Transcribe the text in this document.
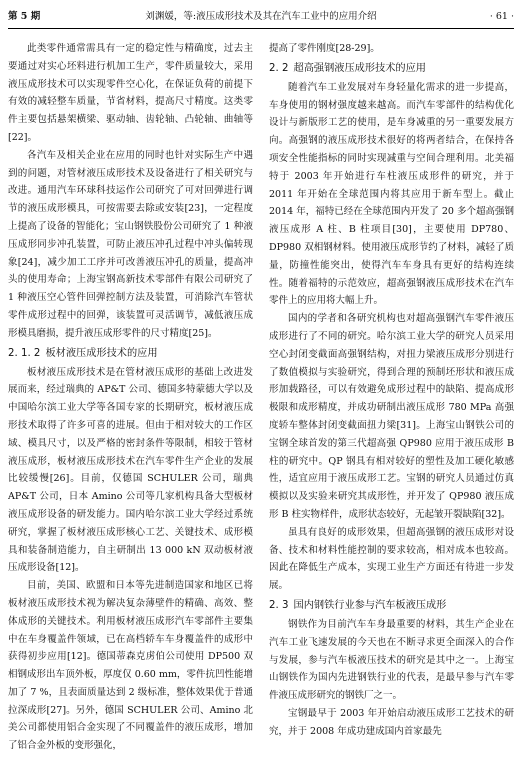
第 5 期	刘渊媛，等:液压成形技术及其在汽车工业中的应用介绍	· 61 ·

此类零件通常需具有一定的稳定性与精确度，过去主要通过对实心坯料进行机加工生产，零件质量较大，采用液压成形技术可以实现零件空心化，在保证负荷的前提下有效的减轻整车质量，节省材料，提高尺寸精度。这类零件主要包括悬架横梁、驱动轴、齿轮轴、凸轮轴、曲轴等[22]。

各汽车及相关企业在应用的同时也针对实际生产中遇到的问题，对管材液压成形技术及设备进行了相关研究与改进。通用汽车环球科技运作公司研究了可对回弹进行调节的液压成形模具，可按需要去除或安装[23]，一定程度上提高了设备的智能化；宝山钢铁股份公司研究了 1 种液压成形同步冲孔装置，可防止液压冲孔过程中冲头偏转现象[24]，减少加工工序并可改善液压冲孔的质量，提高冲头的使用寿命；上海宝钢高新技术零部件有限公司研究了 1 种液压空心管件回弹控制方法及装置，可消除汽车管状零件成形过程中的回弹，该装置可灵活调节，减低液压成形模具磨损，提升液压成形零件的尺寸精度[25]。

2. 1. 2 板材液压成形技术的应用

板材液压成形技术是在管材液压成形的基础上改进发展而来，经过瑞典的 AP&T 公司、德国多特蒙德大学以及中国哈尔滨工业大学等各国专家的长期研究，板材液压成形技术取得了许多可喜的进展。但由于相对较大的工作区域、模具尺寸，以及严格的密封条件等限制，相较于管材液压成形，板材液压成形技术在汽车零件生产企业的发展比较缓慢[26]。目前，仅德国 SCHULER 公司，瑞典 AP&T 公司，日本 Amino 公司等几家机构具备大型板材液压成形设备的研发能力。国内哈尔滨工业大学经过系统研究，掌握了板材液压成形核心工艺、关键技术、成形模具和装备制造能力，自主研制出 13 000 kN 双动板材液压成形设备[12]。

目前，美国、欧盟和日本等先进制造国家和地区已将板材液压成形技术视为解决复杂薄壁件的精确、高效、整体成形的关键技术。利用板材液压成形汽车零部件主要集中在车身覆盖件领域，已在高档轿车车身覆盖件的成形中获得初步应用[12]。德国蒂森克虏伯公司使用 DP500 双相钢成形出车顶外板，厚度仅 0.60 mm，零件抗凹性能增加了 7 %，且表面质量达到 2 级标准，整体效果优于普通拉深成形[27]。另外，德国 SCHULER 公司、Amino 北美公司都使用铝合金实现了不同覆盖件的液压成形，增加了铝合金外板的变形强化，

提高了零件刚度[28-29]。

2. 2 超高强钢液压成形技术的应用

随着汽车工业发展对车身轻量化需求的进一步提高，车身使用的钢材强度越来越高。而汽车零部件的结构优化设计与新版形工艺的使用，是车身减重的另一重要发展方向。高强钢的液压成形技术很好的将两者结合，在保持各项安全性能指标的同时实现减重与空间合理利用。北美福特于 2003 年开始进行车柱液压成形件的研究，并于 2011 年开始在全球范围内将其应用于新车型上。截止 2014 年，福特已经在全球范围内开发了 20 多个超高强钢液压成形 A 柱、B 柱项目[30]，主要使用 DP780、DP980 双相钢材料。使用液压成形节约了材料，减轻了质量，防撞性能突出，使得汽车车身具有更好的结构连续性。随着福特的示范效应，超高强钢液压成形技术在汽车零件上的应用将大幅上升。

国内的学者和各研究机构也对超高强钢汽车零件液压成形进行了不同的研究。哈尔滨工业大学的研究人员采用空心封闭变截面高强钢结构，对扭力梁液压成形分别进行了数值模拟与实验研究，得到合理的预制坯形状和液压成形加载路径，可以有效避免成形过程中的缺陷、提高成形极限和成形精度，并成功研制出液压成形 780 MPa 高强度轿车整体封闭变截面扭力梁[31]。上海宝山钢铁公司的宝钢全球首发的第三代超高强 QP980 应用于液压成形 B 柱的研究中。QP 钢具有相对较好的塑性及加工硬化敏感性，适宜应用于液压成形工艺。宝钢的研究人员通过仿真模拟以及实验来研究其成形性，并开发了 QP980 液压成形 B 柱实物样件，成形状态较好，无起皱开裂缺陷[32]。

虽具有良好的成形效果，但超高强钢的液压成形对设备、技术和材料性能控制的要求较高，相对成本也较高。因此在降低生产成本，实现工业生产方面还有待进一步发展。

2. 3 国内钢铁行业参与汽车板液压成形

钢铁作为目前汽车车身最重要的材料，其生产企业在汽车工业飞速发展的今天也在不断寻求更全面深入的合作与发展，参与汽车板液压技术的研究是其中之一。上海宝山钢铁作为国内先进钢铁行业的代表，是最早参与汽车零件液压成形研究的钢铁厂之一。

宝钢最早于 2003 年开始启动液压成形工艺技术的研究，并于 2008 年成功建成国内首家最先
